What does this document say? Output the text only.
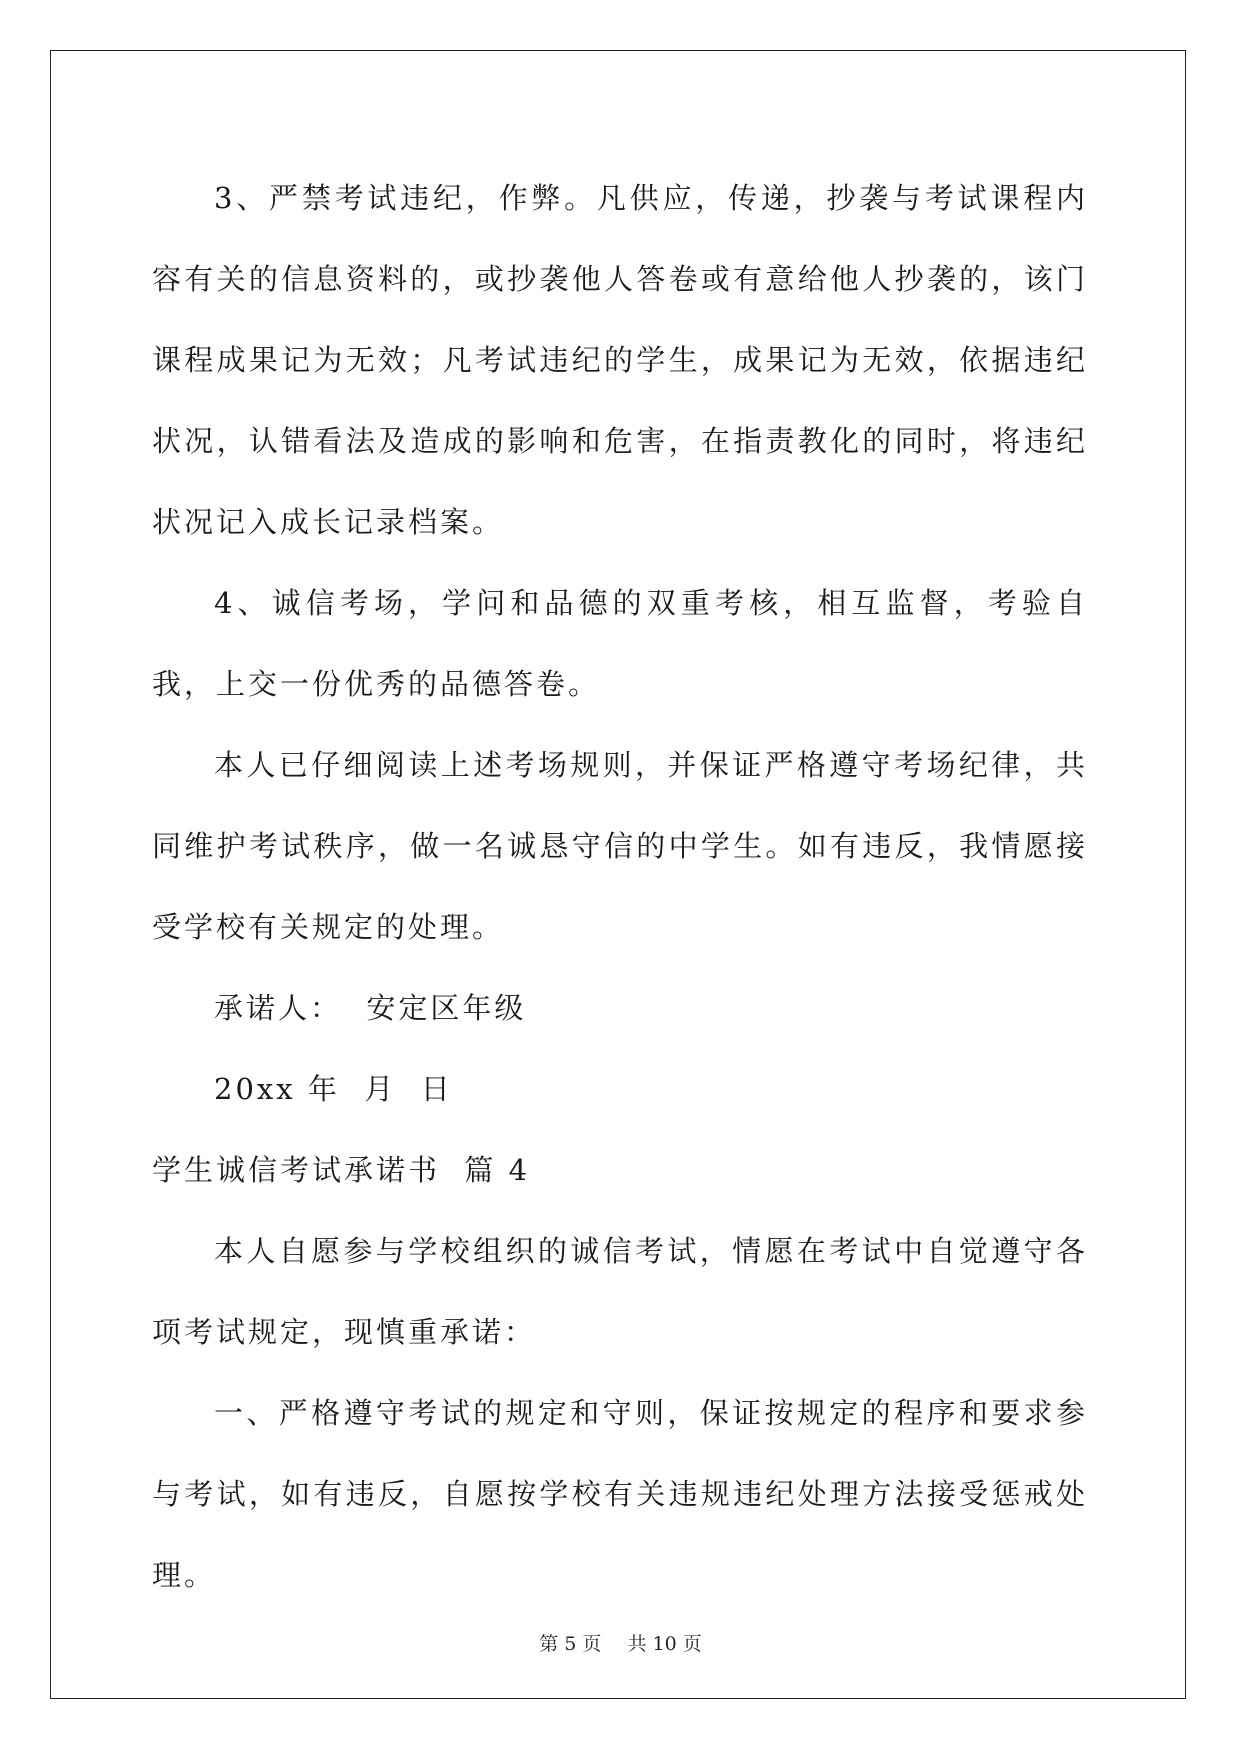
3、严禁考试违纪，作弊。凡供应，传递，抄袭与考试课程内容有关的信息资料的，或抄袭他人答卷或有意给他人抄袭的，该门课程成果记为无效；凡考试违纪的学生，成果记为无效，依据违纪状况，认错看法及造成的影响和危害，在指责教化的同时，将违纪状况记入成长记录档案。

4、诚信考场，学问和品德的双重考核，相互监督，考验自我，上交一份优秀的品德答卷。

本人已仔细阅读上述考场规则，并保证严格遵守考场纪律，共同维护考试秩序，做一名诚恳守信的中学生。如有违反，我情愿接受学校有关规定的处理。

承诺人：  安定区年级

20xx 年  月  日

学生诚信考试承诺书  篇 4

本人自愿参与学校组织的诚信考试，情愿在考试中自觉遵守各项考试规定，现慎重承诺：

一、严格遵守考试的规定和守则，保证按规定的程序和要求参与考试，如有违反，自愿按学校有关违规违纪处理方法接受惩戒处理。

第 5 页 共 10 页
